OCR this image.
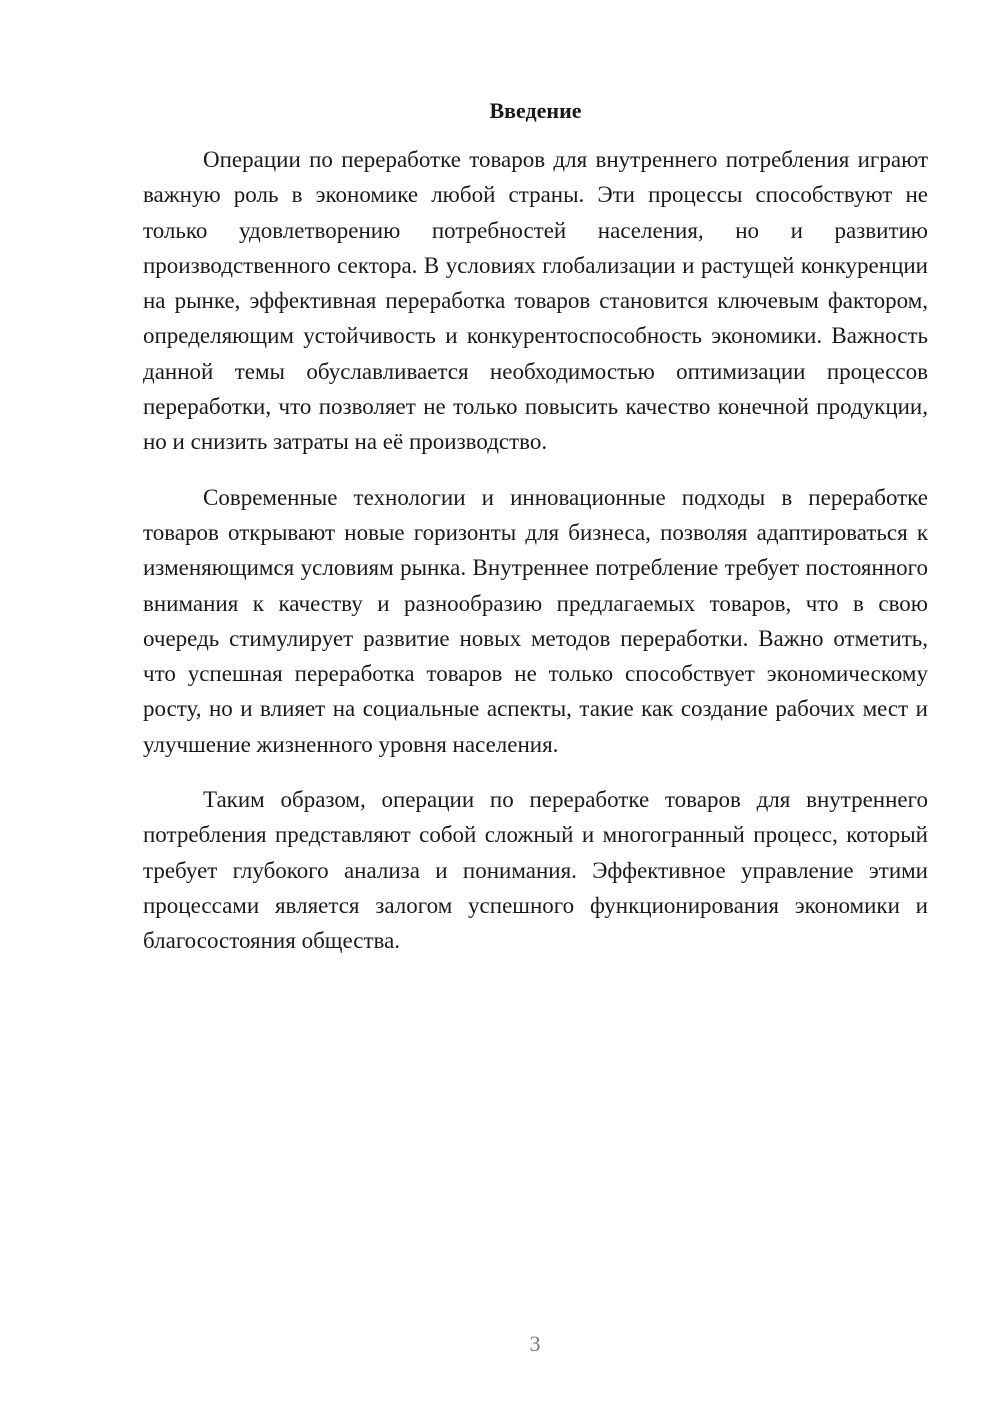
Введение

Операции по переработке товаров для внутреннего потребления играют важную роль в экономике любой страны. Эти процессы способствуют не только удовлетворению потребностей населения, но и развитию производственного сектора. В условиях глобализации и растущей конкуренции на рынке, эффективная переработка товаров становится ключевым фактором, определяющим устойчивость и конкурентоспособность экономики. Важность данной темы обуславливается необходимостью оптимизации процессов переработки, что позволяет не только повысить качество конечной продукции, но и снизить затраты на её производство.

Современные технологии и инновационные подходы в переработке товаров открывают новые горизонты для бизнеса, позволяя адаптироваться к изменяющимся условиям рынка. Внутреннее потребление требует постоянного внимания к качеству и разнообразию предлагаемых товаров, что в свою очередь стимулирует развитие новых методов переработки. Важно отметить, что успешная переработка товаров не только способствует экономическому росту, но и влияет на социальные аспекты, такие как создание рабочих мест и улучшение жизненного уровня населения.

Таким образом, операции по переработке товаров для внутреннего потребления представляют собой сложный и многогранный процесс, который требует глубокого анализа и понимания. Эффективное управление этими процессами является залогом успешного функционирования экономики и благосостояния общества.

3
